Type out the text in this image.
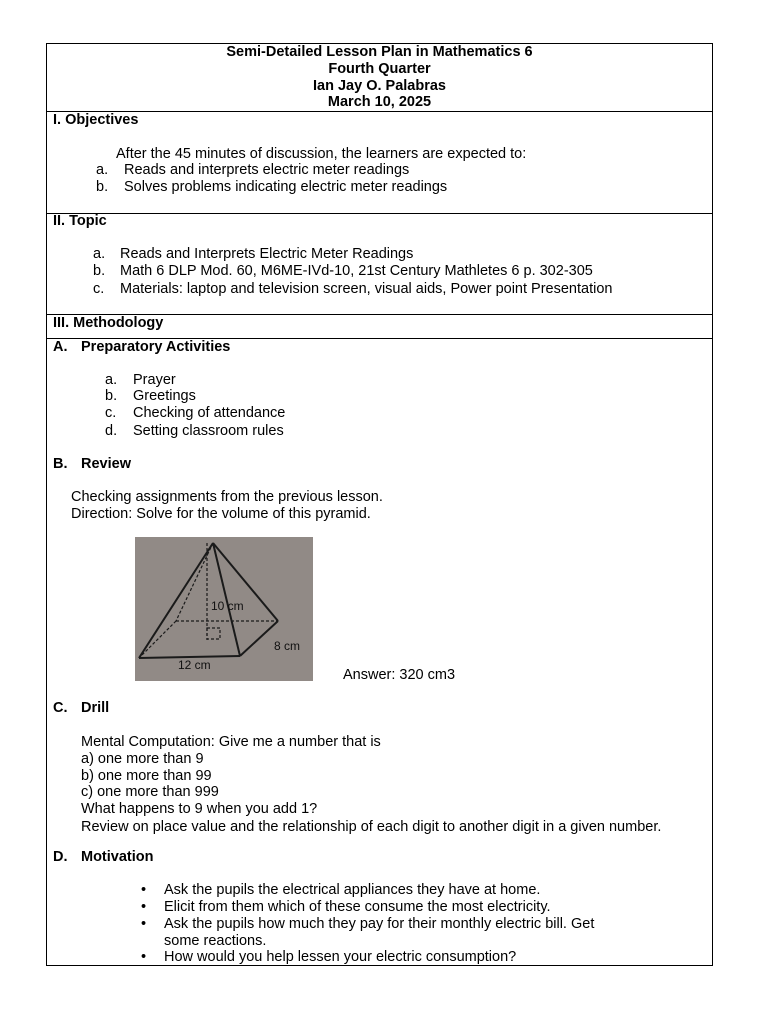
Semi-Detailed Lesson Plan in Mathematics 6
Fourth Quarter
Ian Jay O. Palabras
March 10, 2025
I. Objectives
After the 45 minutes of discussion, the learners are expected to:
a. Reads and interprets electric meter readings
b. Solves problems indicating electric meter readings
II. Topic
a. Reads and Interprets Electric Meter Readings
b. Math 6 DLP Mod. 60, M6ME-IVd-10, 21st Century Mathletes 6 p. 302-305
c. Materials: laptop and television screen, visual aids, Power point Presentation
III. Methodology
A. Preparatory Activities
a. Prayer
b. Greetings
c. Checking of attendance
d. Setting classroom rules
B. Review
Checking assignments from the previous lesson.
Direction: Solve for the volume of this pyramid.
10 cm
8 cm
12 cm
Answer: 320 cm3
C. Drill
Mental Computation: Give me a number that is
a) one more than 9
b) one more than 99
c) one more than 999
What happens to 9 when you add 1?
Review on place value and the relationship of each digit to another digit in a given number.
D. Motivation
• Ask the pupils the electrical appliances they have at home.
• Elicit from them which of these consume the most electricity.
• Ask the pupils how much they pay for their monthly electric bill. Get
some reactions.
• How would you help lessen your electric consumption?
